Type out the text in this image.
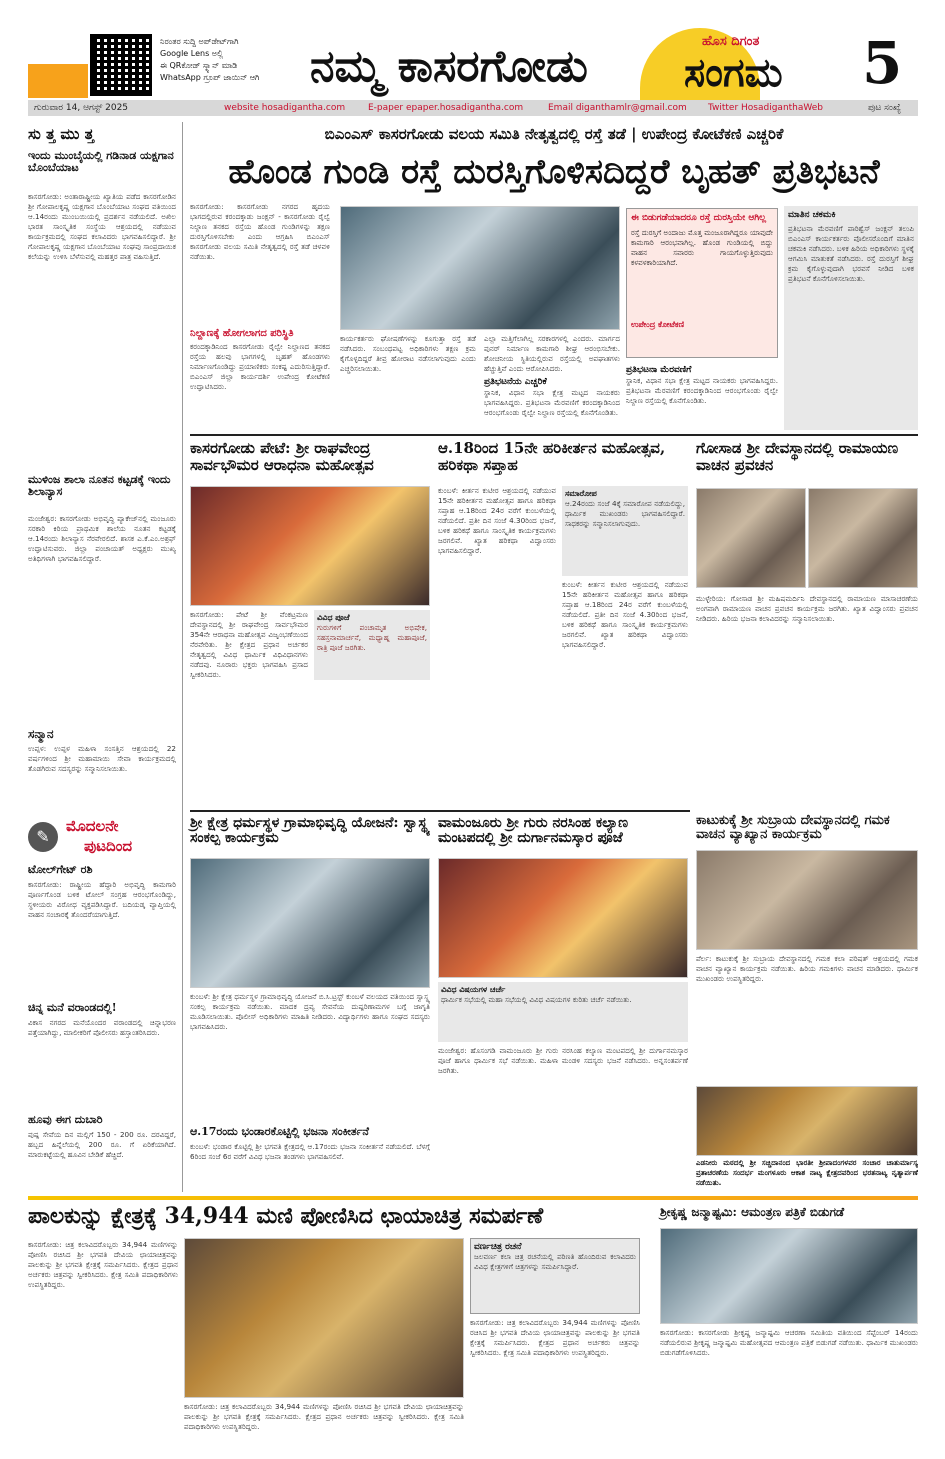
ನಿರಂತರ ಸುದ್ದಿ ಅಪ್‌ಡೇಟ್‌ಗಾಗಿ
Google Lens ಅಲ್ಲಿ
ಈ QRಕೋಡ್ ಸ್ಕ್ಯಾನ್ ಮಾಡಿ
WhatsApp ಗ್ರೂಪ್ ಜಾಯಿನ್ ಆಗಿ	ನಮ್ಮ ಕಾಸರಗೋಡು	ಹೊಸ ದಿಗಂತ
ಸಂಗಮ 5
ಗುರುವಾರ 14, ಆಗಸ್ಟ್ 2025	website hosadigantha.com	E-paper epaper.hosadigantha.com	Email diganthamlr@gmail.com Twitter HosadiganthaWeb	ಪುಟ ಸಂಖ್ಯೆ
ಸು ತ್ತ ಮು ತ್ತ
ಇಂದು ಮುಂಬೈಯಲ್ಲಿ ಗಡಿನಾಡ ಯಕ್ಷಗಾನ ಬೊಂಬೆಯಾಟ
ಕಾಸರಗೋಡು: ಅಂತಾರಾಷ್ಟ್ರೀಯ ಖ್ಯಾತಿಯ ಪಡೆದ ಕಾಸರಗೋಡಿನ ಶ್ರೀ ಗೋಪಾಲಕೃಷ್ಣ ಯಕ್ಷಗಾನ ಬೊಂಬೆಯಾಟ ಸಂಘದ ವತಿಯಿಂದ ಆ.14ರಂದು ಮುಂಬಯಿಯಲ್ಲಿ ಪ್ರದರ್ಶನ ನಡೆಯಲಿದೆ. ಅಖಿಲ ಭಾರತ ಸಾಂಸ್ಕೃತಿಕ ಸಂಸ್ಥೆಯ ಆಶ್ರಯದಲ್ಲಿ ನಡೆಯುವ ಕಾರ್ಯಕ್ರಮದಲ್ಲಿ ಸಂಘದ ಕಲಾವಿದರು ಭಾಗವಹಿಸಲಿದ್ದಾರೆ. ಶ್ರೀ ಗೋಪಾಲಕೃಷ್ಣ ಯಕ್ಷಗಾನ ಬೊಂಬೆಯಾಟ ಸಂಘವು ಸಾಂಪ್ರದಾಯಿಕ ಕಲೆಯನ್ನು ಉಳಿಸಿ ಬೆಳೆಸುವಲ್ಲಿ ಮಹತ್ತರ ಪಾತ್ರ ವಹಿಸುತ್ತಿದೆ.
ಮುಳಿಂಜ ಶಾಲಾ ನೂತನ ಕಟ್ಟಡಕ್ಕೆ ಇಂದು ಶಿಲಾನ್ಯಾಸ
ಮಂಜೇಶ್ವರ: ಕಾಸರಗೋಡು ಅಭಿವೃದ್ಧಿ ಪ್ಯಾಕೇಜ್‌ನಲ್ಲಿ ಮಂಜೂರು ಸರಕಾರಿ ಕಿರಿಯ ಪ್ರಾಥಮಿಕ ಶಾಲೆಯ ನೂತನ ಕಟ್ಟಡಕ್ಕೆ ಆ.14ರಂದು ಶಿಲಾನ್ಯಾಸ ನೆರವೇರಲಿದೆ. ಶಾಸಕ ಎ.ಕೆ.ಎಂ.ಅಶ್ರಫ್ ಉದ್ಘಾಟಿಸುವರು. ಜಿಲ್ಲಾ ಪಂಚಾಯತ್ ಅಧ್ಯಕ್ಷರು ಮುಖ್ಯ ಅತಿಥಿಗಳಾಗಿ ಭಾಗವಹಿಸಲಿದ್ದಾರೆ.
ಸನ್ಮಾನ
ಉಪ್ಪಳ: ಉಪ್ಪಳ ಮಹಿಳಾ ಸಂಸತ್ತಿನ ಆಶ್ರಯದಲ್ಲಿ 22 ವರ್ಷಗಳಿಂದ ಶ್ರೀ ಮಹಾಮಾಯಿ ಸೇವಾ ಕಾರ್ಯಕ್ರಮದಲ್ಲಿ ತೊಡಗಿರುವ ಸದಸ್ಯರನ್ನು ಸನ್ಮಾನಿಸಲಾಯಿತು.
✎
ಮೊದಲನೇ
ಪುಟದಿಂದ
ಟೋಲ್‌ಗೇಟ್ ರಶಿ
ಕಾಸರಗೋಡು: ರಾಷ್ಟ್ರೀಯ ಹೆದ್ದಾರಿ ಅಭಿವೃದ್ಧಿ ಕಾಮಗಾರಿ ಪೂರ್ಣಗೊಂಡ ಬಳಿಕ ಟೋಲ್ ಸಂಗ್ರಹ ಆರಂಭಗೊಂಡಿದ್ದು, ಸ್ಥಳೀಯರು ವಿರೋಧ ವ್ಯಕ್ತಪಡಿಸಿದ್ದಾರೆ. ಬದಿಯಡ್ಕ ವ್ಯಾಪ್ತಿಯಲ್ಲಿ ವಾಹನ ಸಂಚಾರಕ್ಕೆ ತೊಂದರೆಯಾಗುತ್ತಿದೆ.
ಚಿನ್ನ ಮನೆ ವರಾಂಡದಲ್ಲಿ!
ವಿಕಾಸ ನಗರದ ಮನೆಯೊಂದರ ವರಾಂಡದಲ್ಲಿ ಚಿನ್ನಾಭರಣ ಪತ್ತೆಯಾಗಿದ್ದು, ಮಾಲೀಕರಿಗೆ ಪೊಲೀಸರು ಹಸ್ತಾಂತರಿಸಿದರು.
ಹೂವು ಈಗ ದುಬಾರಿ
ಪುಷ್ಪ ಸೇವೆಯ ದಿನ ಮಲ್ಲಿಗೆ 150 - 200 ರೂ. ದರವಿದ್ದರೆ, ಹಬ್ಬದ ಹಿನ್ನೆಲೆಯಲ್ಲಿ 200 ರೂ. ಗೆ ಏರಿಕೆಯಾಗಿದೆ. ಮಾರುಕಟ್ಟೆಯಲ್ಲಿ ಹೂವಿನ ಬೇಡಿಕೆ ಹೆಚ್ಚಿದೆ.
ಬಿಎಂಎಸ್ ಕಾಸರಗೋಡು ವಲಯ ಸಮಿತಿ ನೇತೃತ್ವದಲ್ಲಿ ರಸ್ತೆ ತಡೆ | ಉಪೇಂದ್ರ ಕೋಟೆಕಣಿ ಎಚ್ಚರಿಕೆ
ಹೊಂಡ ಗುಂಡಿ ರಸ್ತೆ ದುರಸ್ತಿಗೊಳಿಸದಿದ್ದರೆ ಬೃಹತ್ ಪ್ರತಿಭಟನೆ
ಕಾಸರಗೋಡು: ಕಾಸರಗೋಡು ನಗರದ ಹೃದಯ ಭಾಗದಲ್ಲಿರುವ ಕರಂದಕ್ಕಾಡು ಜಂಕ್ಷನ್ - ಕಾಸರಗೋಡು ರೈಲ್ವೆ ನಿಲ್ದಾಣ ತನಕದ ರಸ್ತೆಯ ಹೊಂಡ ಗುಂಡಿಗಳನ್ನು ತಕ್ಷಣ ದುರಸ್ತಿಗೊಳಿಸಬೇಕು ಎಂದು ಆಗ್ರಹಿಸಿ ಬಿಎಂಎಸ್ ಕಾಸರಗೋಡು ವಲಯ ಸಮಿತಿ ನೇತೃತ್ವದಲ್ಲಿ ರಸ್ತೆ ತಡೆ ಚಳವಳಿ ನಡೆಯಿತು.
ನಿಲ್ದಾಣಕ್ಕೆ ಹೋಗಲಾಗದ ಪರಿಸ್ಥಿತಿ
ಕರಂದಕ್ಕಾಡಿನಿಂದ ಕಾಸರಗೋಡು ರೈಲ್ವೇ ನಿಲ್ದಾಣದ ತನಕದ ರಸ್ತೆಯ ಹಲವು ಭಾಗಗಳಲ್ಲಿ ಬೃಹತ್ ಹೊಂಡಗಳು ನಿರ್ಮಾಣಗೊಂಡಿದ್ದು ಪ್ರಯಾಣಿಕರು ಸಂಕಷ್ಟ ಎದುರಿಸುತ್ತಿದ್ದಾರೆ. ಬಿಎಂಎಸ್ ಜಿಲ್ಲಾ ಕಾರ್ಯದರ್ಶಿ ಉಪೇಂದ್ರ ಕೋಟೆಕಣಿ ಉದ್ಘಾಟಿಸಿದರು.
ಕಾರ್ಯಕರ್ತರು ಘೋಷಣೆಗಳನ್ನು ಕೂಗುತ್ತಾ ರಸ್ತೆ ತಡೆ ನಡೆಸಿದರು. ಸಂಬಂಧಪಟ್ಟ ಅಧಿಕಾರಿಗಳು ತಕ್ಷಣ ಕ್ರಮ ಕೈಗೊಳ್ಳದಿದ್ದರೆ ತೀವ್ರ ಹೋರಾಟ ನಡೆಸಲಾಗುವುದು ಎಂದು ಎಚ್ಚರಿಸಲಾಯಿತು.
ಎಲ್ಲಾ ಮತ್ತಿಗೆಲಾಗಿಲ್ಲ ಸರಕಾರಗಳಲ್ಲಿ ಎಂದರು. ಮಾರ್ಗದ ಪುನರ್ ನಿರ್ಮಾಣ ಕಾಮಗಾರಿ ಶೀಘ್ರ ಆರಂಭಿಸಬೇಕು. ಶೋಚನೀಯ ಸ್ಥಿತಿಯಲ್ಲಿರುವ ರಸ್ತೆಯಲ್ಲಿ ಅಪಘಾತಗಳು ಹೆಚ್ಚುತ್ತಿವೆ ಎಂದು ಆರೋಪಿಸಿದರು.
ಪ್ರತಿಭಟನೆಯ ಎಚ್ಚರಿಕೆ
ಸ್ಥಾನಿಕ, ವಿಧಾನ ಸಭಾ ಕ್ಷೇತ್ರ ಮಟ್ಟದ ನಾಯಕರು ಭಾಗವಹಿಸಿದ್ದರು. ಪ್ರತಿಭಟನಾ ಮೆರವಣಿಗೆ ಕರಂದಕ್ಕಾಡಿನಿಂದ ಆರಂಭಗೊಂಡು ರೈಲ್ವೇ ನಿಲ್ದಾಣ ರಸ್ತೆಯಲ್ಲಿ ಕೊನೆಗೊಂಡಿತು.
ಈ ಬಿಡುಗಡೆಯಾದರೂ ರಸ್ತೆ ದುರಸ್ತಿಯೇ ಆಗಿಲ್ಲ
ರಸ್ತೆ ದುರಸ್ತಿಗೆ ಅಂದಾಜು ಮೊತ್ತ ಮಂಜೂರಾಗಿದ್ದರೂ ಯಾವುದೇ ಕಾಮಗಾರಿ ಆರಂಭವಾಗಿಲ್ಲ. ಹೊಂಡ ಗುಂಡಿಯಲ್ಲಿ ಬಿದ್ದು ವಾಹನ ಸವಾರರು ಗಾಯಗೊಳ್ಳುತ್ತಿರುವುದು ಕಳವಳಕಾರಿಯಾಗಿದೆ.
ಉಪೇಂದ್ರ ಕೋಟೆಕಣಿ
ಪ್ರತಿಭಟನಾ ಮೆರವಣಿಗೆ
ಸ್ಥಾನಿಕ, ವಿಧಾನ ಸಭಾ ಕ್ಷೇತ್ರ ಮಟ್ಟದ ನಾಯಕರು ಭಾಗವಹಿಸಿದ್ದರು. ಪ್ರತಿಭಟನಾ ಮೆರವಣಿಗೆ ಕರಂದಕ್ಕಾಡಿನಿಂದ ಆರಂಭಗೊಂಡು ರೈಲ್ವೇ ನಿಲ್ದಾಣ ರಸ್ತೆಯಲ್ಲಿ ಕೊನೆಗೊಂಡಿತು.
ಮಾತಿನ ಚಕಮಕಿ
ಪ್ರತಿಭಟನಾ ಮೆರವಣಿಗೆ ಪಾರಿಶ್ವೆಸ್ ಜಂಕ್ಷನ್‌ ತಲುಪಿ ಬಿಎಂಎಸ್ ಕಾರ್ಯಕರ್ತರು ಪೊಲೀಸರೊಂದಿಗೆ ಮಾತಿನ ಚಕಮಕಿ ನಡೆಸಿದರು. ಬಳಿಕ ಹಿರಿಯ ಅಧಿಕಾರಿಗಳು ಸ್ಥಳಕ್ಕೆ ಆಗಮಿಸಿ ಮಾತುಕತೆ ನಡೆಸಿದರು. ರಸ್ತೆ ದುರಸ್ತಿಗೆ ಶೀಘ್ರ ಕ್ರಮ ಕೈಗೊಳ್ಳುವುದಾಗಿ ಭರವಸೆ ನೀಡಿದ ಬಳಿಕ ಪ್ರತಿಭಟನೆ ಕೊನೆಗೊಳಿಸಲಾಯಿತು.
ಕಾಸರಗೋಡು ಪೇಟೆ: ಶ್ರೀ ರಾಘವೇಂದ್ರ ಸಾರ್ವಭೌಮರ ಆರಾಧನಾ ಮಹೋತ್ಸವ
ವಿವಿಧ ಪೂಜೆ
ಗುರುಗಳಿಗೆ ಪಂಚಾಮೃತ ಅಭಿಷೇಕ, ಸಹಸ್ರನಾಮಾರ್ಚನೆ, ಮಧ್ಯಾಹ್ನ ಮಹಾಪೂಜೆ, ರಾತ್ರಿ ಪೂಜೆ ಜರಗಿತು.
ಕಾಸರಗೋಡು: ಪೇಟೆ ಶ್ರೀ ವೆಂಕಟ್ರಮಣ ದೇವಸ್ಥಾನದಲ್ಲಿ ಶ್ರೀ ರಾಘವೇಂದ್ರ ಸಾರ್ವಭೌಮರ 354ನೇ ಆರಾಧನಾ ಮಹೋತ್ಸವ ವಿಜೃಂಭಣೆಯಿಂದ ನೆರವೇರಿತು. ಶ್ರೀ ಕ್ಷೇತ್ರದ ಪ್ರಧಾನ ಅರ್ಚಕರ ನೇತೃತ್ವದಲ್ಲಿ ವಿವಿಧ ಧಾರ್ಮಿಕ ವಿಧಿವಿಧಾನಗಳು ನಡೆದವು. ನೂರಾರು ಭಕ್ತರು ಭಾಗವಹಿಸಿ ಪ್ರಸಾದ ಸ್ವೀಕರಿಸಿದರು.
ಆ.18ರಿಂದ 15ನೇ ಹರಿಕೀರ್ತನ ಮಹೋತ್ಸವ, ಹರಿಕಥಾ ಸಪ್ತಾಹ
ಕುಂಬಳೆ: ಕೀರ್ತನ ಕುಟೀರ ಆಶ್ರಯದಲ್ಲಿ ನಡೆಯುವ 15ನೇ ಹರಿಕೀರ್ತನ ಮಹೋತ್ಸವ ಹಾಗೂ ಹರಿಕಥಾ ಸಪ್ತಾಹ ಆ.18ರಿಂದ 24ರ ವರೆಗೆ ಕುಂಬಳೆಯಲ್ಲಿ ನಡೆಯಲಿದೆ. ಪ್ರತೀ ದಿನ ಸಂಜೆ 4.30ರಿಂದ ಭಜನೆ, ಬಳಿಕ ಹರಿಕಥೆ ಹಾಗೂ ಸಾಂಸ್ಕೃತಿಕ ಕಾರ್ಯಕ್ರಮಗಳು ಜರಗಲಿವೆ. ಖ್ಯಾತ ಹರಿಕಥಾ ವಿದ್ವಾಂಸರು ಭಾಗವಹಿಸಲಿದ್ದಾರೆ.
ಸಮಾರೋಪ
ಆ.24ರಂದು ಸಂಜೆ 4ಕ್ಕೆ ಸಮಾರೋಪ ನಡೆಯಲಿದ್ದು, ಧಾರ್ಮಿಕ ಮುಖಂಡರು ಭಾಗವಹಿಸಲಿದ್ದಾರೆ. ಸಾಧಕರನ್ನು ಸನ್ಮಾನಿಸಲಾಗುವುದು.
ಕುಂಬಳೆ: ಕೀರ್ತನ ಕುಟೀರ ಆಶ್ರಯದಲ್ಲಿ ನಡೆಯುವ 15ನೇ ಹರಿಕೀರ್ತನ ಮಹೋತ್ಸವ ಹಾಗೂ ಹರಿಕಥಾ ಸಪ್ತಾಹ ಆ.18ರಿಂದ 24ರ ವರೆಗೆ ಕುಂಬಳೆಯಲ್ಲಿ ನಡೆಯಲಿದೆ. ಪ್ರತೀ ದಿನ ಸಂಜೆ 4.30ರಿಂದ ಭಜನೆ, ಬಳಿಕ ಹರಿಕಥೆ ಹಾಗೂ ಸಾಂಸ್ಕೃತಿಕ ಕಾರ್ಯಕ್ರಮಗಳು ಜರಗಲಿವೆ. ಖ್ಯಾತ ಹರಿಕಥಾ ವಿದ್ವಾಂಸರು ಭಾಗವಹಿಸಲಿದ್ದಾರೆ.
ಗೋಸಾಡ ಶ್ರೀ ದೇವಸ್ಥಾನದಲ್ಲಿ ರಾಮಾಯಣ ವಾಚನ ಪ್ರವಚನ
ಮುಳ್ಳೇರಿಯ: ಗೋಸಾಡ ಶ್ರೀ ಮಹಿಷಮರ್ದಿನಿ ದೇವಸ್ಥಾನದಲ್ಲಿ ರಾಮಾಯಣ ಮಾಸಾಚರಣೆಯ ಅಂಗವಾಗಿ ರಾಮಾಯಣ ವಾಚನ ಪ್ರವಚನ ಕಾರ್ಯಕ್ರಮ ಜರಗಿತು. ಖ್ಯಾತ ವಿದ್ವಾಂಸರು ಪ್ರವಚನ ನೀಡಿದರು. ಹಿರಿಯ ಭಜನಾ ಕಲಾವಿದರನ್ನು ಸನ್ಮಾನಿಸಲಾಯಿತು.
ಕಾಟುಕುಕ್ಕೆ ಶ್ರೀ ಸುಬ್ರಾಯ ದೇವಸ್ಥಾನದಲ್ಲಿ ಗಮಕ ವಾಚನ ವ್ಯಾಖ್ಯಾನ ಕಾರ್ಯಕ್ರಮ
ಪೆರ್ಲ: ಕಾಟುಕುಕ್ಕೆ ಶ್ರೀ ಸುಬ್ರಾಯ ದೇವಸ್ಥಾನದಲ್ಲಿ ಗಮಕ ಕಲಾ ಪರಿಷತ್ ಆಶ್ರಯದಲ್ಲಿ ಗಮಕ ವಾಚನ ವ್ಯಾಖ್ಯಾನ ಕಾರ್ಯಕ್ರಮ ನಡೆಯಿತು. ಹಿರಿಯ ಗಮಕಿಗಳು ವಾಚನ ಮಾಡಿದರು. ಧಾರ್ಮಿಕ ಮುಖಂಡರು ಉಪಸ್ಥಿತರಿದ್ದರು.
ಎಡನೀರು ಮಠದಲ್ಲಿ ಶ್ರೀ ಸಚ್ಚಿದಾನಂದ ಭಾರತೀ ಶ್ರೀಪಾದಂಗಳವರ ಸಂಚಾರ ಚಾತುರ್ಮಾಸ್ಯ ವ್ರತಾಚರಣೆಯ ಸಂದರ್ಭ ಮಂಗಳೂರು ಆಕಾಶ ನಾಟ್ಯ ಕ್ಷೇತ್ರದವರಿಂದ ಭರತನಾಟ್ಯ ನೃತ್ಯಾರ್ಪಣೆ ನಡೆಯಿತು.
ಶ್ರೀ ಕ್ಷೇತ್ರ ಧರ್ಮಸ್ಥಳ ಗ್ರಾಮಾಭಿವೃದ್ಧಿ ಯೋಜನೆ: ಸ್ವಾಸ್ಥ್ಯ ಸಂಕಲ್ಪ ಕಾರ್ಯಕ್ರಮ
ಕುಂಬಳೆ: ಶ್ರೀ ಕ್ಷೇತ್ರ ಧರ್ಮಸ್ಥಳ ಗ್ರಾಮಾಭಿವೃದ್ಧಿ ಯೋಜನೆ ಬಿ.ಸಿ.ಟ್ರಸ್ಟ್ ಕುಂಬಳೆ ವಲಯದ ವತಿಯಿಂದ ಸ್ವಾಸ್ಥ್ಯ ಸಂಕಲ್ಪ ಕಾರ್ಯಕ್ರಮ ನಡೆಯಿತು. ಮಾದಕ ದ್ರವ್ಯ ಸೇವನೆಯ ದುಷ್ಪರಿಣಾಮಗಳ ಬಗ್ಗೆ ಜಾಗೃತಿ ಮೂಡಿಸಲಾಯಿತು. ಪೊಲೀಸ್ ಅಧಿಕಾರಿಗಳು ಮಾಹಿತಿ ನೀಡಿದರು. ವಿದ್ಯಾರ್ಥಿಗಳು ಹಾಗೂ ಸಂಘದ ಸದಸ್ಯರು ಭಾಗವಹಿಸಿದರು.
ವಾಮಂಜೂರು ಶ್ರೀ ಗುರು ನರಸಿಂಹ ಕಲ್ಯಾಣ ಮಂಟಪದಲ್ಲಿ ಶ್ರೀ ದುರ್ಗಾನಮಸ್ಕಾರ ಪೂಜೆ
ವಿವಿಧ ವಿಷಯಗಳ ಚರ್ಚೆ
ಧಾರ್ಮಿಕ ಸಭೆಯಲ್ಲಿ ಮಹಾ ಸಭೆಯಲ್ಲಿ ವಿವಿಧ ವಿಷಯಗಳ ಕುರಿತು ಚರ್ಚೆ ನಡೆಯಿತು.
ಮಂಜೇಶ್ವರ: ಹೊಸಂಗಡಿ ವಾಮಂಜೂರು ಶ್ರೀ ಗುರು ನರಸಿಂಹ ಕಲ್ಯಾಣ ಮಂಟಪದಲ್ಲಿ ಶ್ರೀ ದುರ್ಗಾನಮಸ್ಕಾರ ಪೂಜೆ ಹಾಗೂ ಧಾರ್ಮಿಕ ಸಭೆ ನಡೆಯಿತು. ಮಹಿಳಾ ಮಂಡಳಿ ಸದಸ್ಯರು ಭಜನೆ ನಡೆಸಿದರು. ಅನ್ನಸಂತರ್ಪಣೆ ಜರಗಿತು.
ಆ.17ರಂದು ಭಂಡಾರಕೊಟ್ಟಿಲ್ಲಿ ಭಜನಾ ಸಂಕೀರ್ತನೆ
ಕುಂಬಳೆ: ಭಂಡಾರ ಕೊಟ್ಟಿಲ್ಲಿ ಶ್ರೀ ಭಗವತಿ ಕ್ಷೇತ್ರದಲ್ಲಿ ಆ.17ರಂದು ಭಜನಾ ಸಂಕೀರ್ತನೆ ನಡೆಯಲಿದೆ. ಬೆಳಗ್ಗೆ 6ರಿಂದ ಸಂಜೆ 6ರ ವರೆಗೆ ವಿವಿಧ ಭಜನಾ ತಂಡಗಳು ಭಾಗವಹಿಸಲಿವೆ.
ಪಾಲಕುನ್ನು ಕ್ಷೇತ್ರಕ್ಕೆ 34,944 ಮಣಿ ಪೋಣಿಸಿದ ಛಾಯಾಚಿತ್ರ ಸಮರ್ಪಣೆ
ಕಾಸರಗೋಡು: ಚಿತ್ರ ಕಲಾವಿದರೊಬ್ಬರು 34,944 ಮಣಿಗಳನ್ನು ಪೋಣಿಸಿ ರಚಿಸಿದ ಶ್ರೀ ಭಗವತಿ ದೇವಿಯ ಛಾಯಾಚಿತ್ರವನ್ನು ಪಾಲಕುನ್ನು ಶ್ರೀ ಭಗವತಿ ಕ್ಷೇತ್ರಕ್ಕೆ ಸಮರ್ಪಿಸಿದರು. ಕ್ಷೇತ್ರದ ಪ್ರಧಾನ ಅರ್ಚಕರು ಚಿತ್ರವನ್ನು ಸ್ವೀಕರಿಸಿದರು. ಕ್ಷೇತ್ರ ಸಮಿತಿ ಪದಾಧಿಕಾರಿಗಳು ಉಪಸ್ಥಿತರಿದ್ದರು.
ವರ್ಣಚಿತ್ರ ರಚನೆ
ಜಲವರ್ಣ ಕಲಾ ಚಿತ್ರ ರಚನೆಯಲ್ಲಿ ಪರಿಣತಿ ಹೊಂದಿರುವ ಕಲಾವಿದರು ವಿವಿಧ ಕ್ಷೇತ್ರಗಳಿಗೆ ಚಿತ್ರಗಳನ್ನು ಸಮರ್ಪಿಸಿದ್ದಾರೆ.
ಕಾಸರಗೋಡು: ಚಿತ್ರ ಕಲಾವಿದರೊಬ್ಬರು 34,944 ಮಣಿಗಳನ್ನು ಪೋಣಿಸಿ ರಚಿಸಿದ ಶ್ರೀ ಭಗವತಿ ದೇವಿಯ ಛಾಯಾಚಿತ್ರವನ್ನು ಪಾಲಕುನ್ನು ಶ್ರೀ ಭಗವತಿ ಕ್ಷೇತ್ರಕ್ಕೆ ಸಮರ್ಪಿಸಿದರು. ಕ್ಷೇತ್ರದ ಪ್ರಧಾನ ಅರ್ಚಕರು ಚಿತ್ರವನ್ನು ಸ್ವೀಕರಿಸಿದರು. ಕ್ಷೇತ್ರ ಸಮಿತಿ ಪದಾಧಿಕಾರಿಗಳು ಉಪಸ್ಥಿತರಿದ್ದರು.
ಕಾಸರಗೋಡು: ಚಿತ್ರ ಕಲಾವಿದರೊಬ್ಬರು 34,944 ಮಣಿಗಳನ್ನು ಪೋಣಿಸಿ ರಚಿಸಿದ ಶ್ರೀ ಭಗವತಿ ದೇವಿಯ ಛಾಯಾಚಿತ್ರವನ್ನು ಪಾಲಕುನ್ನು ಶ್ರೀ ಭಗವತಿ ಕ್ಷೇತ್ರಕ್ಕೆ ಸಮರ್ಪಿಸಿದರು. ಕ್ಷೇತ್ರದ ಪ್ರಧಾನ ಅರ್ಚಕರು ಚಿತ್ರವನ್ನು ಸ್ವೀಕರಿಸಿದರು. ಕ್ಷೇತ್ರ ಸಮಿತಿ ಪದಾಧಿಕಾರಿಗಳು ಉಪಸ್ಥಿತರಿದ್ದರು.
ಶ್ರೀಕೃಷ್ಣ ಜನ್ಮಾಷ್ಟಮಿ: ಆಮಂತ್ರಣ ಪತ್ರಿಕೆ ಬಿಡುಗಡೆ
ಕಾಸರಗೋಡು: ಕಾಸರಗೋಡು ಶ್ರೀಕೃಷ್ಣ ಜನ್ಮಾಷ್ಟಮಿ ಆಚರಣಾ ಸಮಿತಿಯ ವತಿಯಿಂದ ಸೆಪ್ಟೆಂಬರ್ 14ರಂದು ನಡೆಯಲಿರುವ ಶ್ರೀಕೃಷ್ಣ ಜನ್ಮಾಷ್ಟಮಿ ಮಹೋತ್ಸವದ ಆಮಂತ್ರಣ ಪತ್ರಿಕೆ ಬಿಡುಗಡೆ ನಡೆಯಿತು. ಧಾರ್ಮಿಕ ಮುಖಂಡರು ಬಿಡುಗಡೆಗೊಳಿಸಿದರು.
